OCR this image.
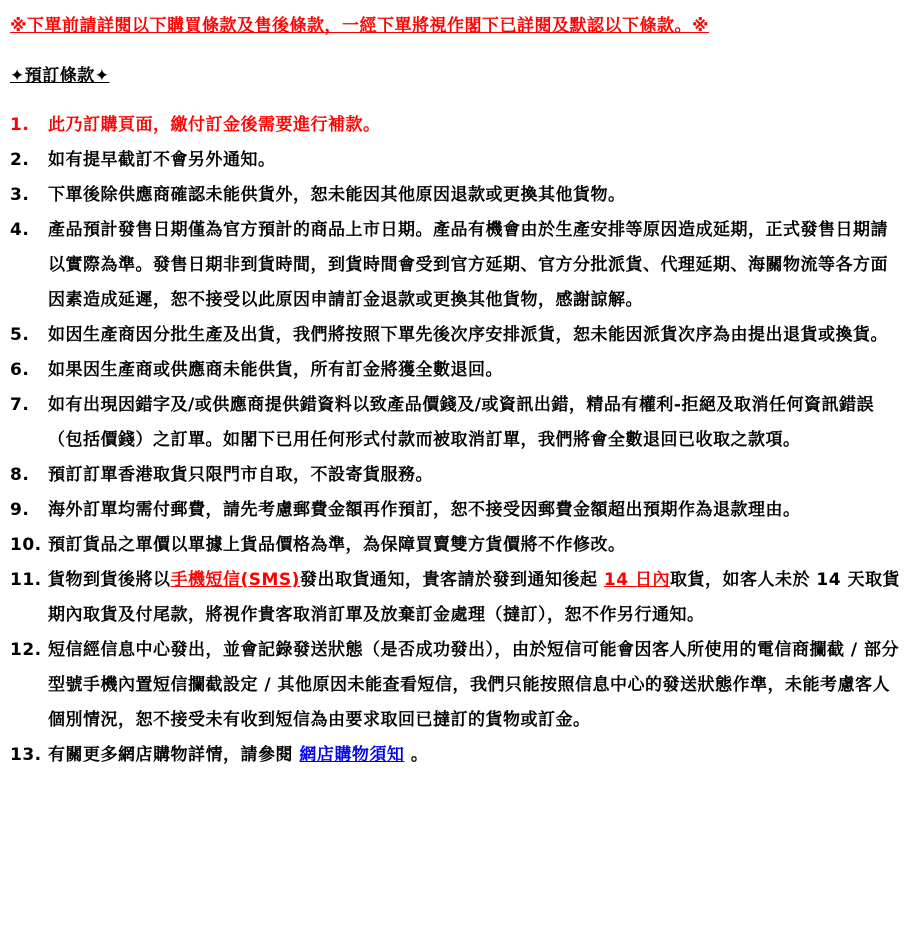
※下單前請詳閱以下購買條款及售後條款，一經下單將視作閣下已詳閱及默認以下條款。※
✦預訂條款✦
1.	此乃訂購頁面，繳付訂金後需要進行補款。
2.	如有提早截訂不會另外通知。
3.	下單後除供應商確認未能供貨外，恕未能因其他原因退款或更換其他貨物。
4.	產品預計發售日期僅為官方預計的商品上市日期。產品有機會由於生產安排等原因造成延期，正式發售日期請以實際為準。發售日期非到貨時間，到貨時間會受到官方延期、官方分批派貨、代理延期、海關物流等各方面因素造成延遲，恕不接受以此原因申請訂金退款或更換其他貨物，感謝諒解。
5.	如因生產商因分批生產及出貨，我們將按照下單先後次序安排派貨，恕未能因派貨次序為由提出退貨或換貨。
6.	如果因生產商或供應商未能供貨，所有訂金將獲全數退回。
7.	如有出現因錯字及/或供應商提供錯資料以致產品價錢及/或資訊出錯，精品有權利-拒絕及取消任何資訊錯誤（包括價錢）之訂單。如閣下已用任何形式付款而被取消訂單，我們將會全數退回已收取之款項。
8.	預訂訂單香港取貨只限門市自取，不設寄貨服務。
9.	海外訂單均需付郵費，請先考慮郵費金額再作預訂，恕不接受因郵費金額超出預期作為退款理由。
10. 預訂貨品之單價以單據上貨品價格為準，為保障買賣雙方貨價將不作修改。
11. 貨物到貨後將以手機短信(SMS)發出取貨通知，貴客請於發到通知後起 14 日內取貨，如客人未於 14 天取貨期內取貨及付尾款，將視作貴客取消訂單及放棄訂金處理（撻訂），恕不作另行通知。
12. 短信經信息中心發出，並會記錄發送狀態（是否成功發出），由於短信可能會因客人所使用的電信商攔截 / 部分型號手機內置短信攔截設定 / 其他原因未能查看短信，我們只能按照信息中心的發送狀態作準，未能考慮客人個別情況，恕不接受未有收到短信為由要求取回已撻訂的貨物或訂金。
13. 有關更多網店購物詳情，請參閱 網店購物須知 。
